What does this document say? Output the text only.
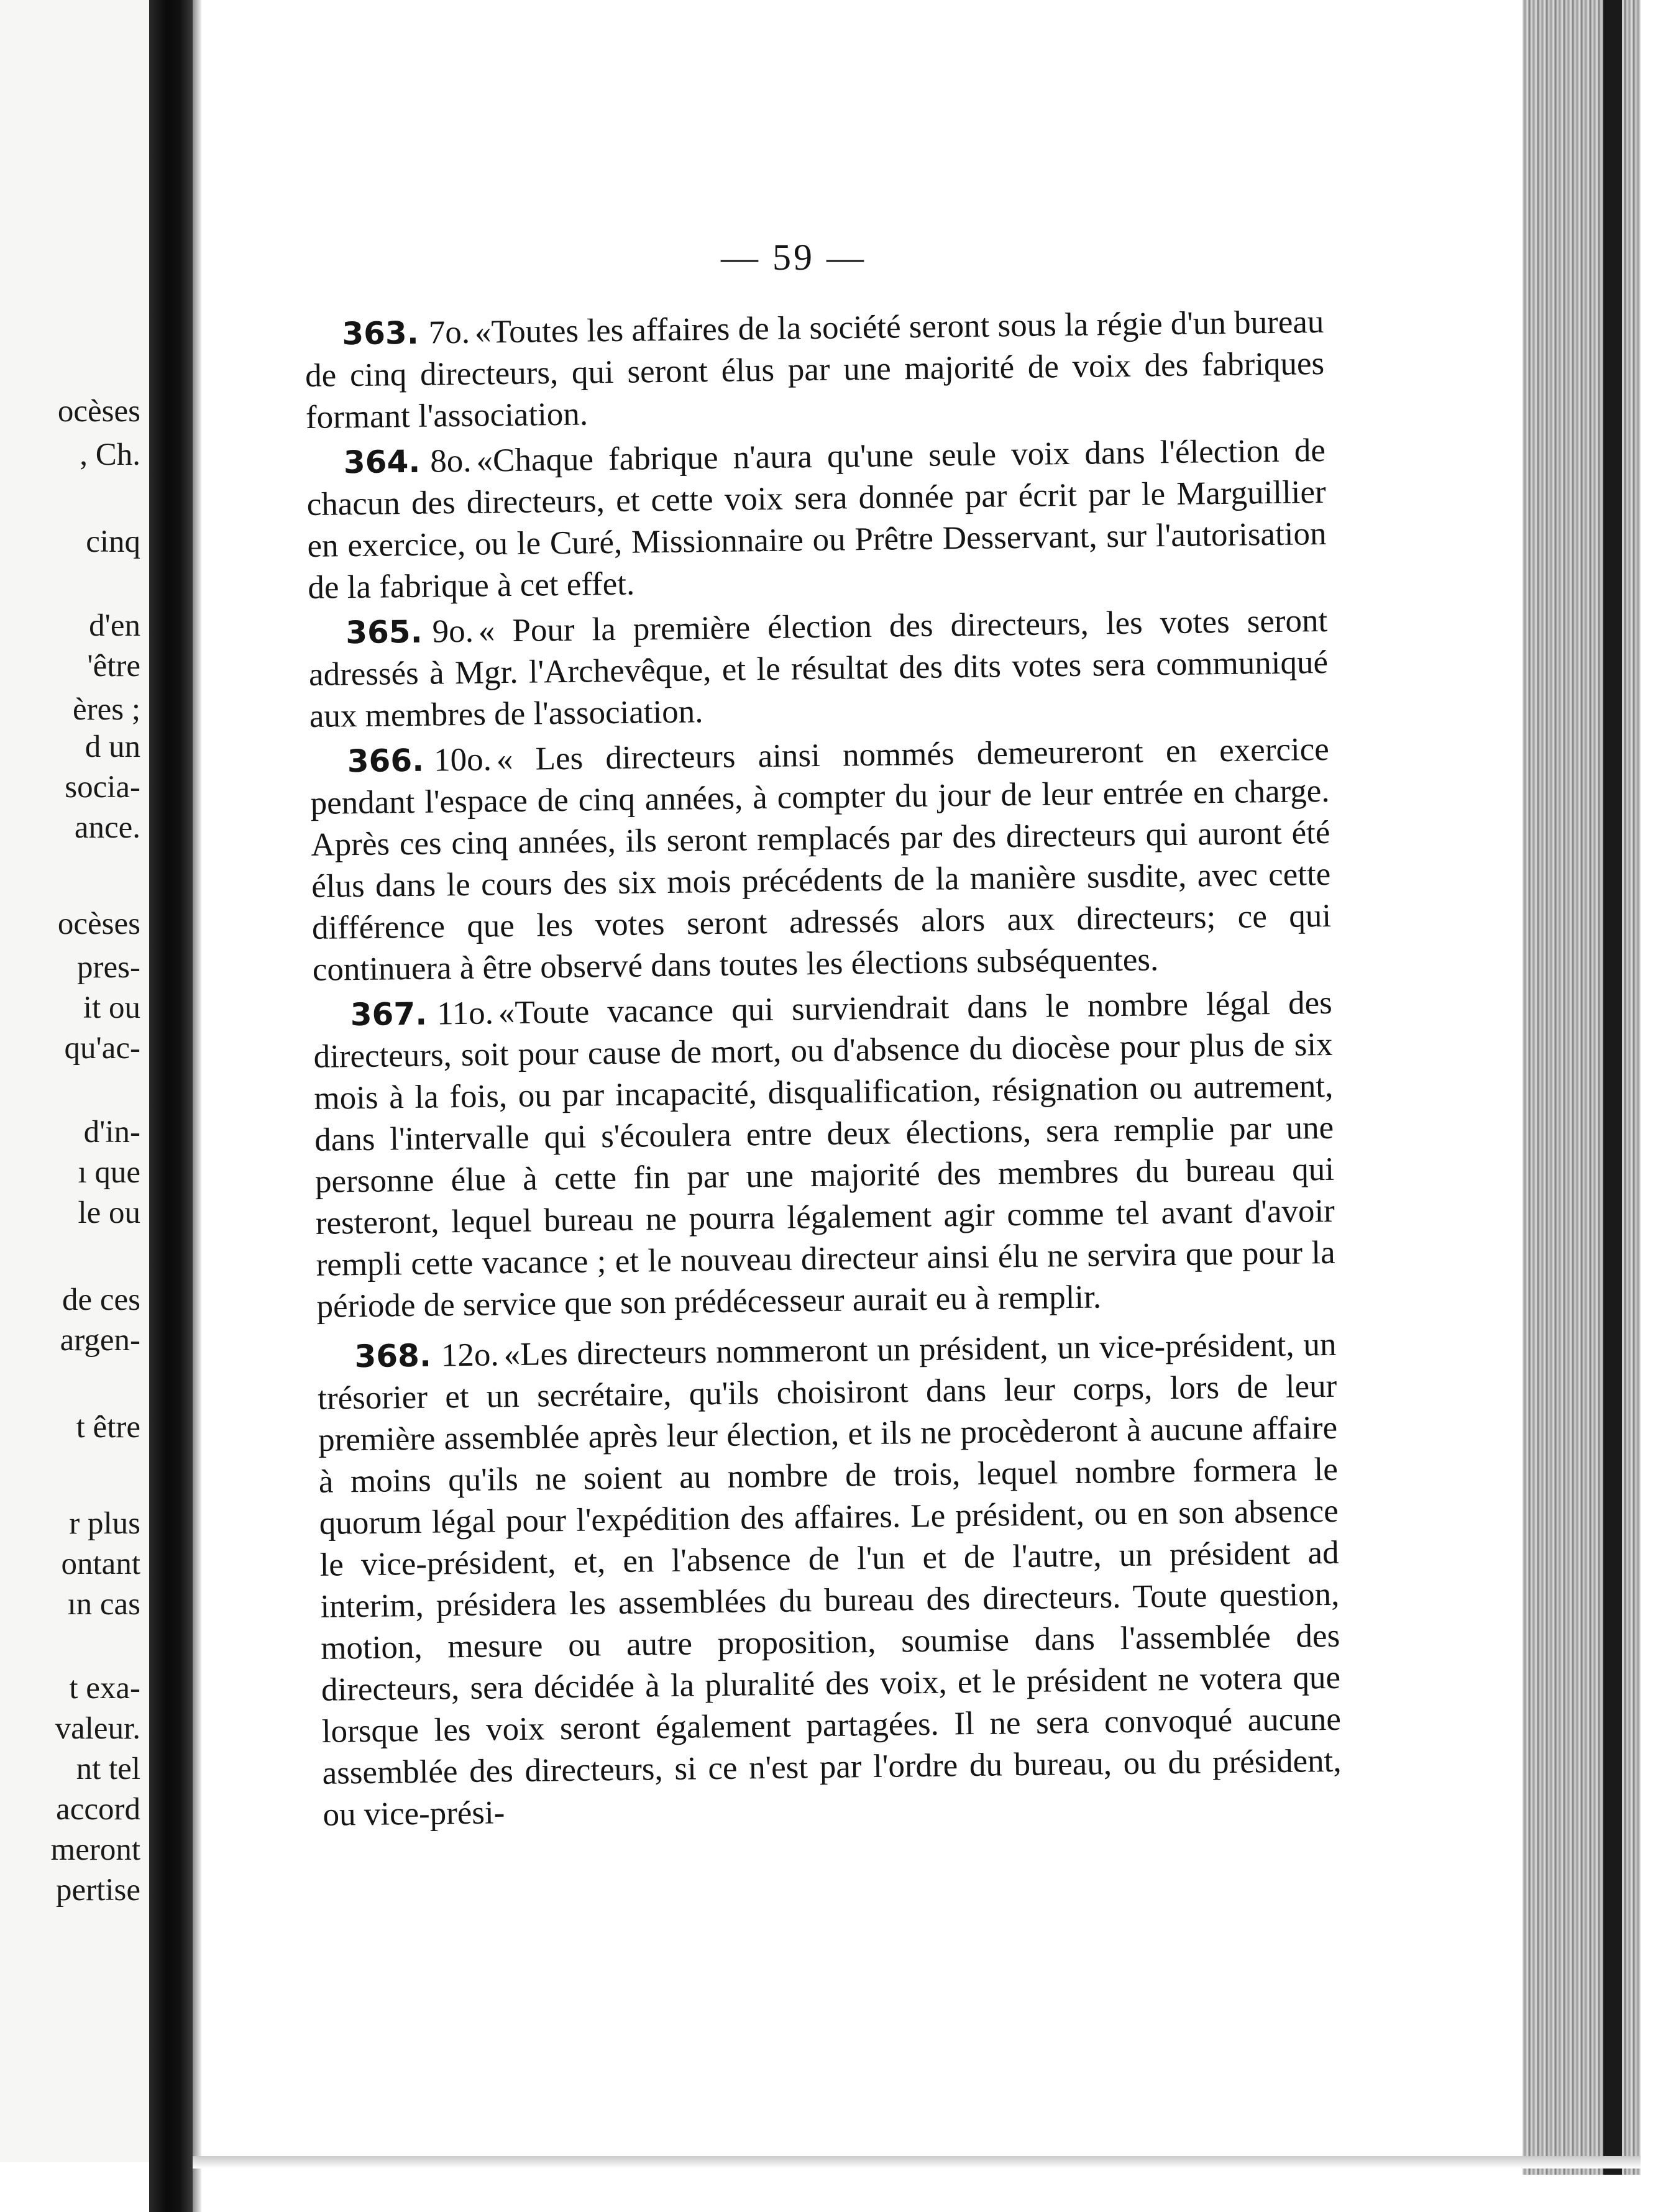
ocèses

, Ch.

cinq

d'en

'être

ères ;

d un

socia-

ance.

ocèses

pres-

it ou

qu'ac-

d'in-

ı que

le ou

de ces

argen-

t être

r plus

ontant

ın cas

t exa-

valeur.

nt tel

accord

meront

pertise

— 59 —

363. 7o. «Toutes les affaires de la société seront sous la régie d'un bureau de cinq directeurs, qui seront élus par une majorité de voix des fabriques formant l'association.

364. 8o. «Chaque fabrique n'aura qu'une seule voix dans l'élection de chacun des directeurs, et cette voix sera donnée par écrit par le Marguillier en exercice, ou le Curé, Missionnaire ou Prêtre Desservant, sur l'autorisation de la fabrique à cet effet.

365. 9o. « Pour la première élection des directeurs, les votes seront adressés à Mgr. l'Archevêque, et le résultat des dits votes sera communiqué aux membres de l'association.

366. 10o. « Les directeurs ainsi nommés demeureront en exercice pendant l'espace de cinq années, à compter du jour de leur entrée en charge. Après ces cinq années, ils seront remplacés par des directeurs qui auront été élus dans le cours des six mois précédents de la manière susdite, avec cette différence que les votes seront adressés alors aux directeurs; ce qui continuera à être observé dans toutes les élections subséquentes.

367. 11o. «Toute vacance qui surviendrait dans le nombre légal des directeurs, soit pour cause de mort, ou d'absence du diocèse pour plus de six mois à la fois, ou par incapacité, disqualification, résignation ou autrement, dans l'intervalle qui s'écoulera entre deux élections, sera remplie par une personne élue à cette fin par une majorité des membres du bureau qui resteront, lequel bureau ne pourra légalement agir comme tel avant d'avoir rempli cette vacance ; et le nouveau directeur ainsi élu ne servira que pour la période de service que son prédécesseur aurait eu à remplir.

368. 12o. «Les directeurs nommeront un président, un vice-président, un trésorier et un secrétaire, qu'ils choisiront dans leur corps, lors de leur première assemblée après leur élection, et ils ne procèderont à aucune affaire à moins qu'ils ne soient au nombre de trois, lequel nombre formera le quorum légal pour l'expédition des affaires. Le président, ou en son absence le vice-président, et, en l'absence de l'un et de l'autre, un président ad interim, présidera les assemblées du bureau des directeurs. Toute question, motion, mesure ou autre proposition, soumise dans l'assemblée des directeurs, sera décidée à la pluralité des voix, et le président ne votera que lorsque les voix seront également partagées. Il ne sera convoqué aucune assemblée des directeurs, si ce n'est par l'ordre du bureau, ou du président, ou vice-prési-
